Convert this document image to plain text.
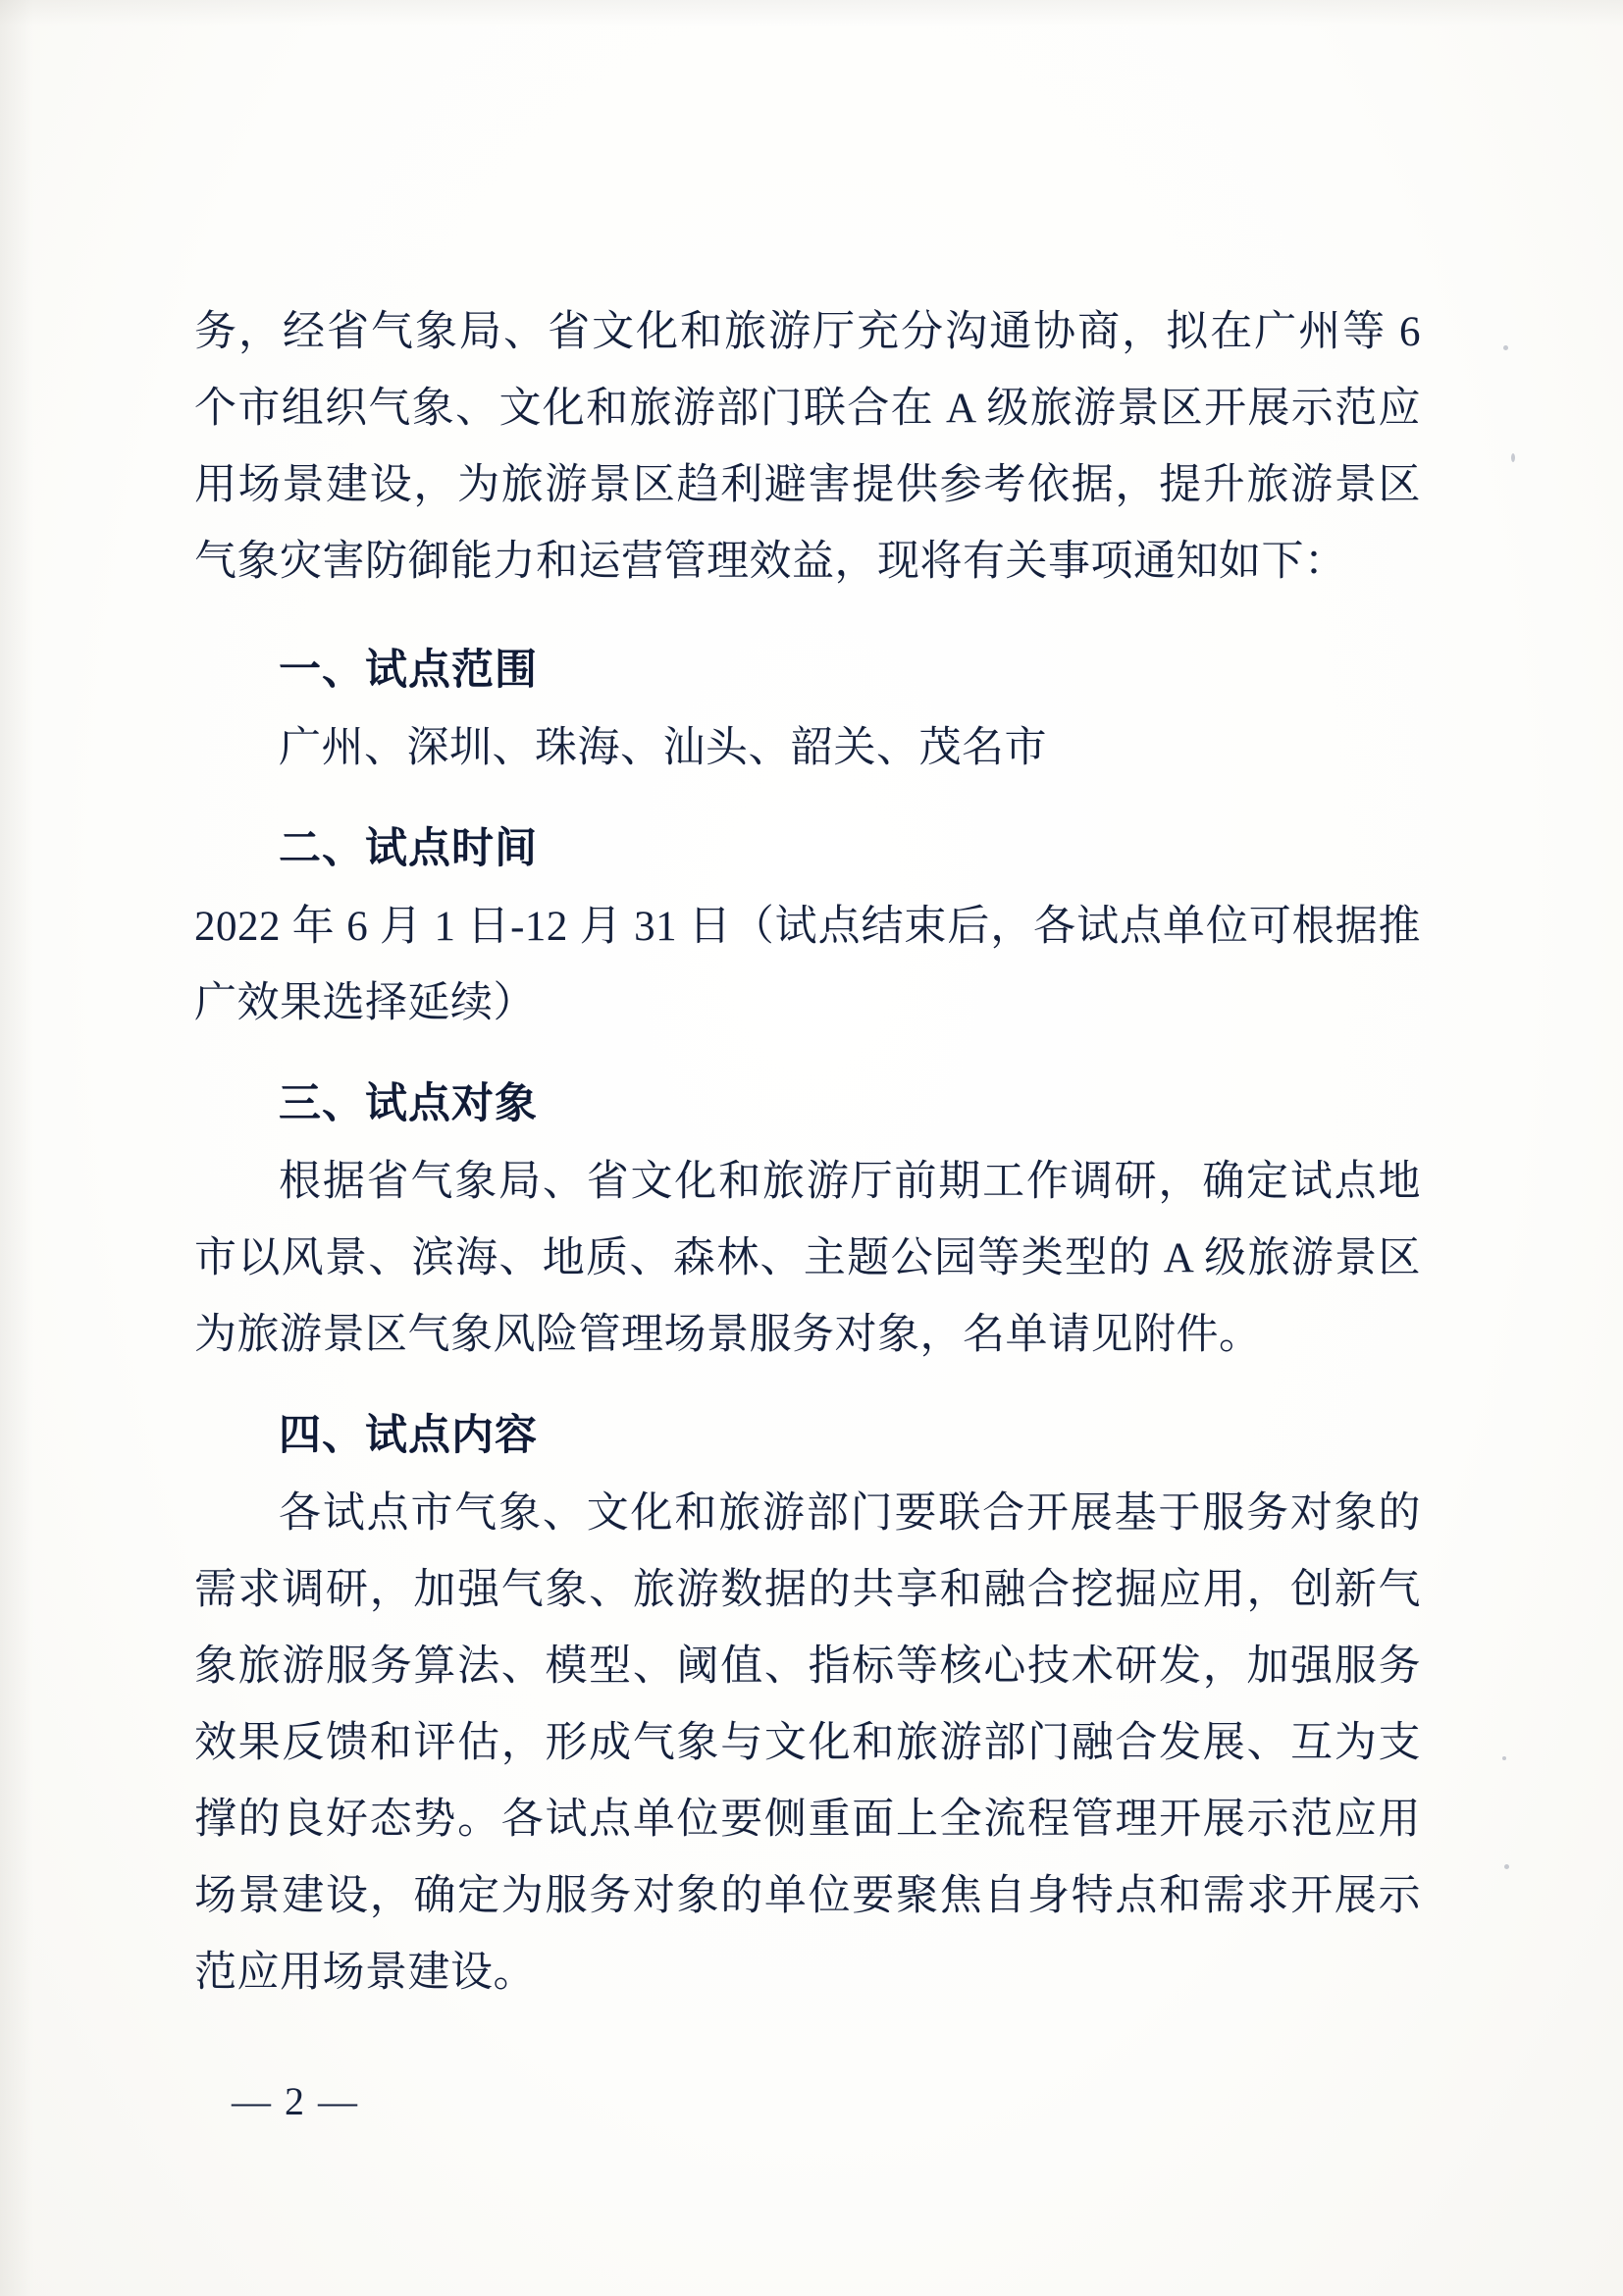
务，经省气象局、省文化和旅游厅充分沟通协商，拟在广州等 6 个市组织气象、文化和旅游部门联合在 A 级旅游景区开展示范应用场景建设，为旅游景区趋利避害提供参考依据，提升旅游景区气象灾害防御能力和运营管理效益，现将有关事项通知如下：

一、试点范围

广州、深圳、珠海、汕头、韶关、茂名市

二、试点时间

2022 年 6 月 1 日-12 月 31 日（试点结束后，各试点单位可根据推广效果选择延续）

三、试点对象

根据省气象局、省文化和旅游厅前期工作调研，确定试点地市以风景、滨海、地质、森林、主题公园等类型的 A 级旅游景区为旅游景区气象风险管理场景服务对象，名单请见附件。

四、试点内容

各试点市气象、文化和旅游部门要联合开展基于服务对象的需求调研，加强气象、旅游数据的共享和融合挖掘应用，创新气象旅游服务算法、模型、阈值、指标等核心技术研发，加强服务效果反馈和评估，形成气象与文化和旅游部门融合发展、互为支撑的良好态势。各试点单位要侧重面上全流程管理开展示范应用场景建设，确定为服务对象的单位要聚焦自身特点和需求开展示范应用场景建设。

— 2 —
